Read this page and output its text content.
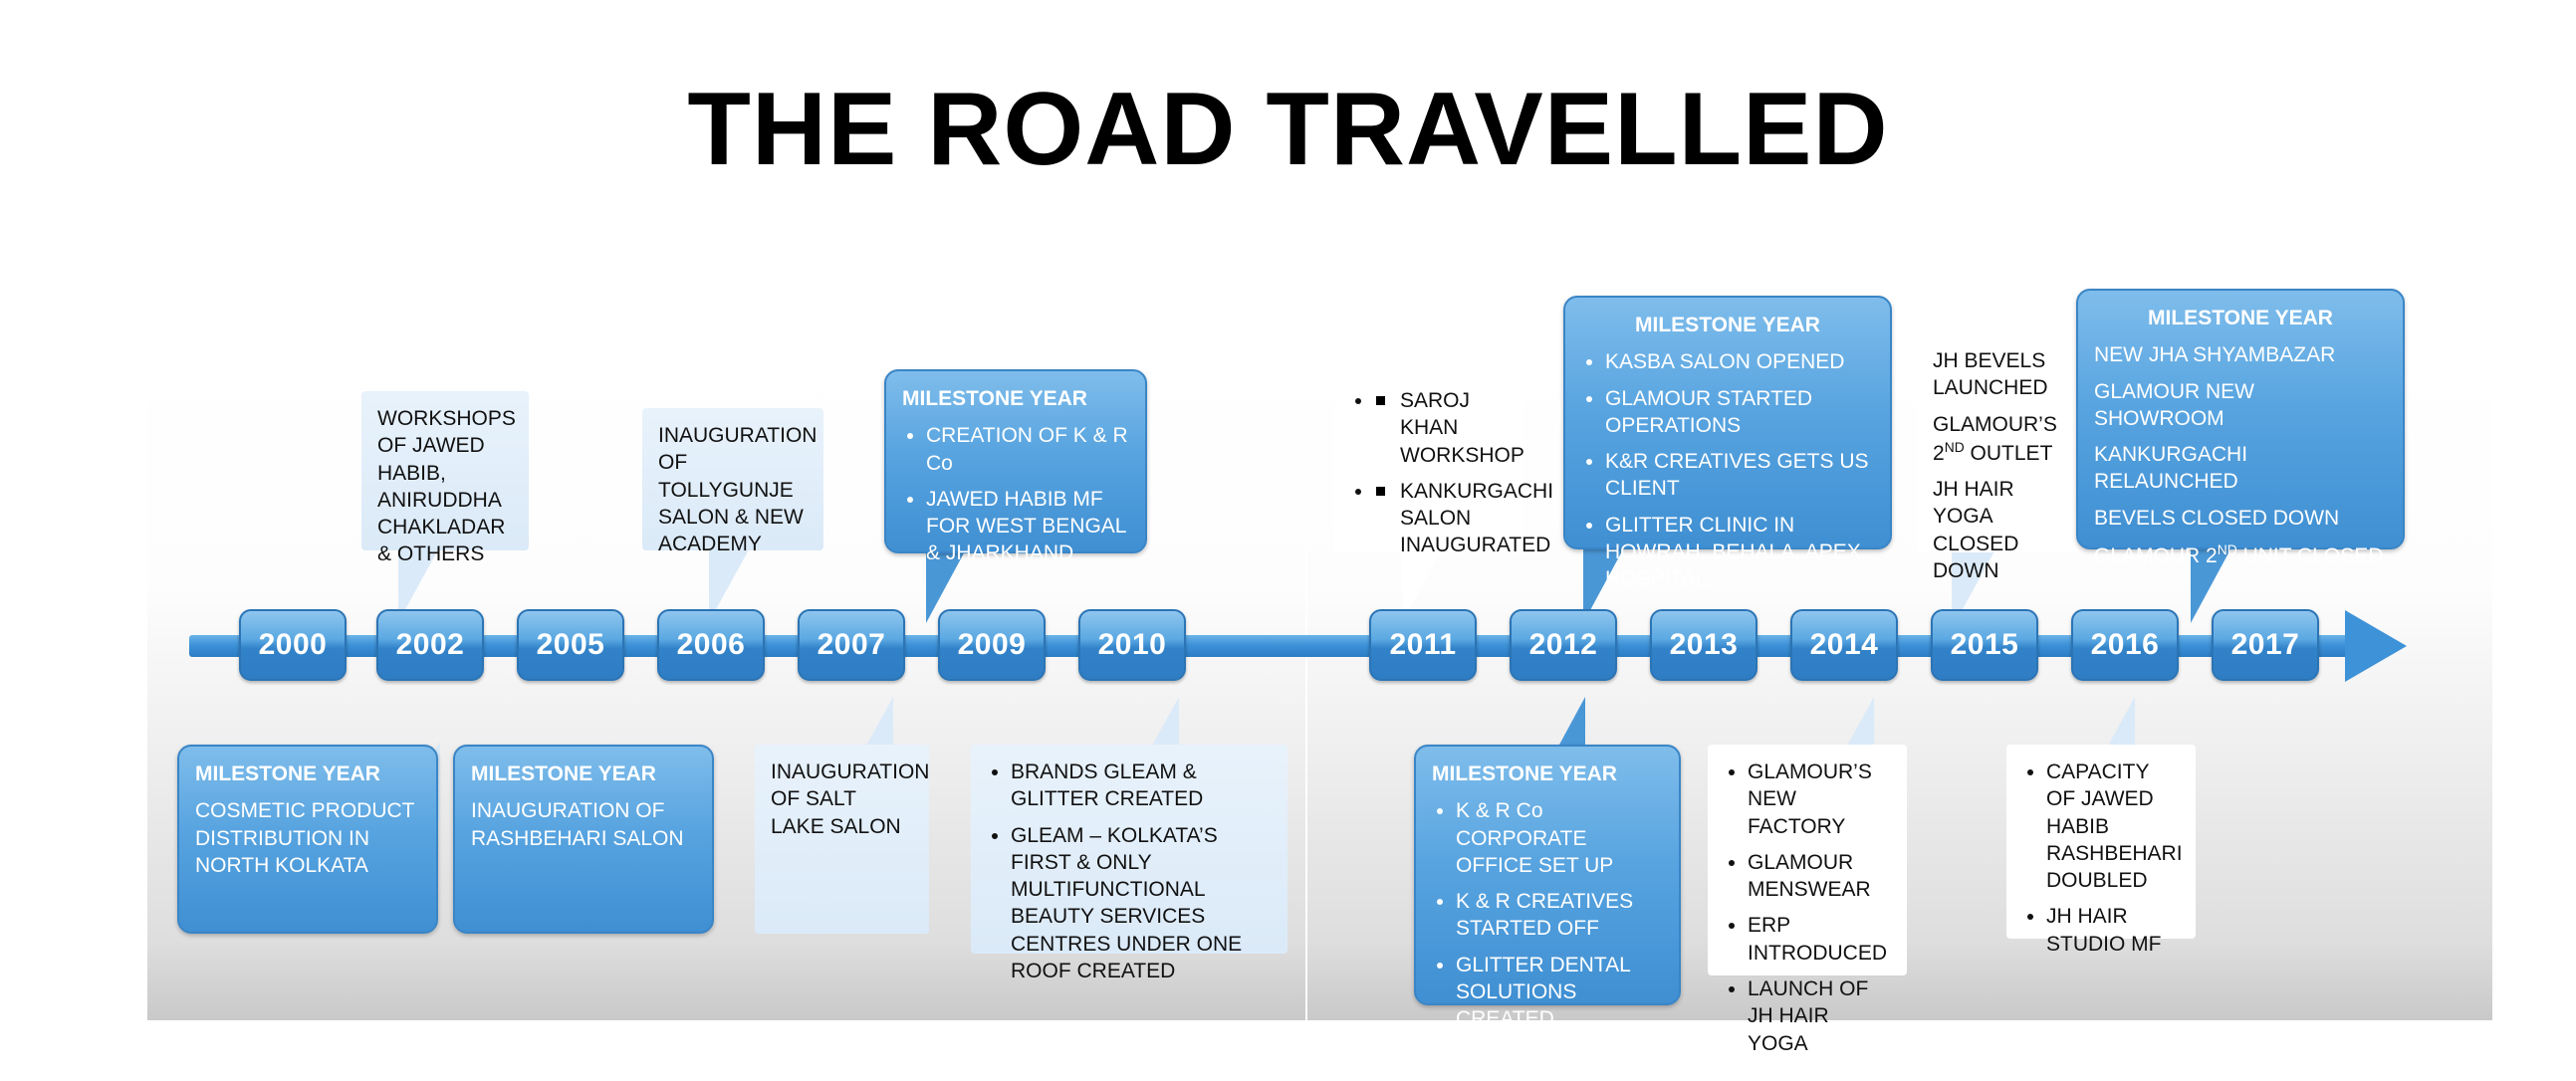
THE ROAD TRAVELLED
2000 2002 2005 2006 2007 2009 2010	2011 2012 2013 2014 2015 2016 2017
WORKSHOPS OF JAWED HABIB, ANIRUDDHA CHAKLADAR & OTHERS
INAUGURATION OF TOLLYGUNJE SALON & NEW ACADEMY
MILESTONE YEAR
• CREATION OF K & R Co
• JAWED HABIB MF FOR WEST BENGAL & JHARKHAND
• SAROJ KHAN WORKSHOP
• KANKURGACHI SALON INAUGURATED
MILESTONE YEAR
• KASBA SALON OPENED
• GLAMOUR STARTED OPERATIONS
• K&R CREATIVES GETS US CLIENT
• GLITTER CLINIC IN HOWRAH, BEHALA, APEX HOSPITAL
JH BEVELS LAUNCHED
GLAMOUR’S 2ND OUTLET
JH HAIR YOGA CLOSED DOWN
MILESTONE YEAR
NEW JHA SHYAMBAZAR
GLAMOUR NEW SHOWROOM
KANKURGACHI RELAUNCHED
BEVELS CLOSED DOWN
GLAMOUR 2ND UNIT CLOSED
MILESTONE YEAR

COSMETIC PRODUCT DISTRIBUTION IN NORTH KOLKATA

MILESTONE YEAR

INAUGURATION OF RASHBEHARI SALON

INAUGURATION OF SALT LAKE SALON
• BRANDS GLEAM & GLITTER CREATED
• GLEAM – KOLKATA’S FIRST & ONLY MULTIFUNCTIONAL BEAUTY SERVICES CENTRES UNDER ONE ROOF CREATED
MILESTONE YEAR
• K & R Co CORPORATE OFFICE SET UP
• K & R CREATIVES STARTED OFF
• GLITTER DENTAL SOLUTIONS CREATED
• GLAMOUR’S NEW FACTORY
• GLAMOUR MENSWEAR
• ERP INTRODUCED
• LAUNCH OF JH HAIR YOGA
• CAPACITY OF JAWED HABIB RASHBEHARI DOUBLED
• JH HAIR STUDIO MF
